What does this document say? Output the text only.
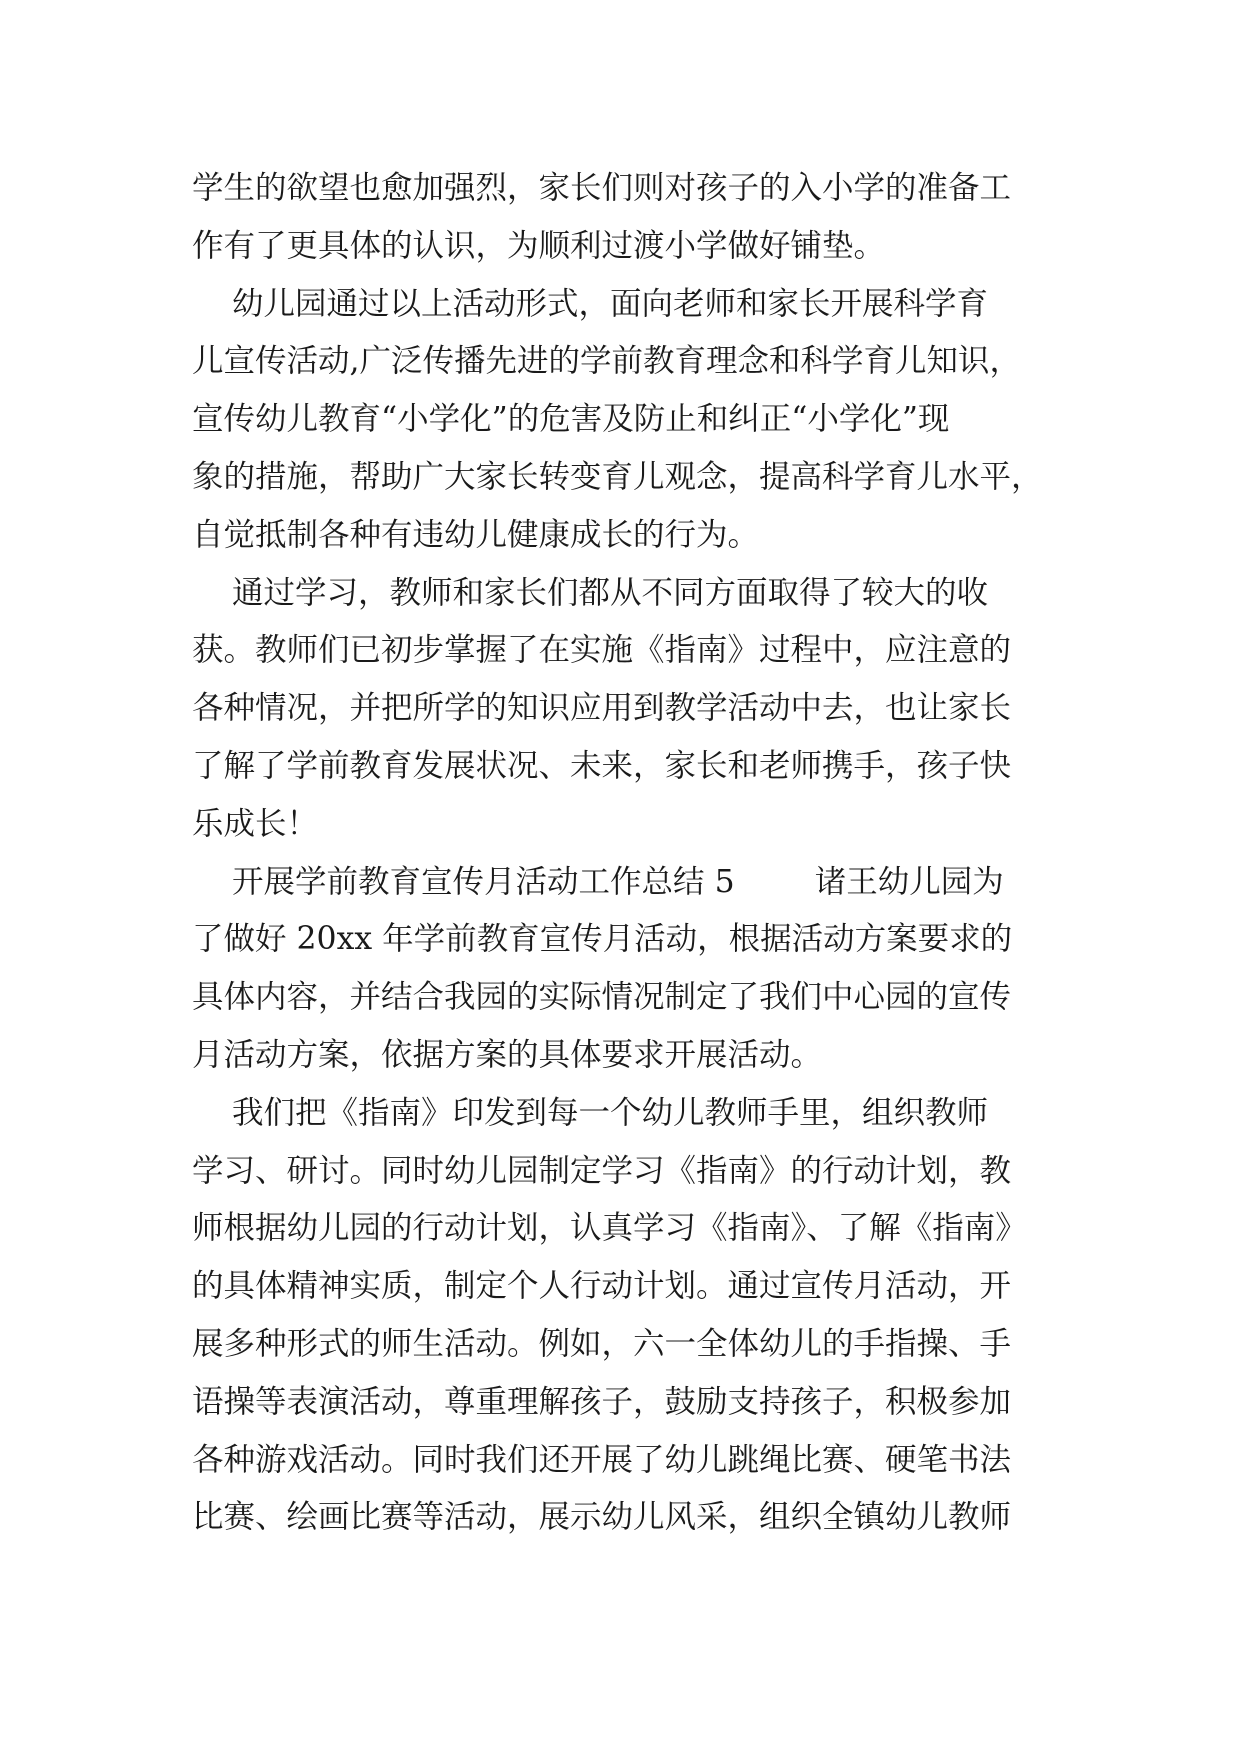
学生的欲望也愈加强烈，家长们则对孩子的入小学的准备工
作有了更具体的认识，为顺利过渡小学做好铺垫。
幼儿园通过以上活动形式，面向老师和家长开展科学育
儿宣传活动,广泛传播先进的学前教育理念和科学育儿知识，
宣传幼儿教育“小学化”的危害及防止和纠正“小学化”现
象的措施，帮助广大家长转变育儿观念，提高科学育儿水平，
自觉抵制各种有违幼儿健康成长的行为。
通过学习，教师和家长们都从不同方面取得了较大的收
获。教师们已初步掌握了在实施《指南》过程中，应注意的
各种情况，并把所学的知识应用到教学活动中去，也让家长
了解了学前教育发展状况、未来，家长和老师携手，孩子快
乐成长！
开展学前教育宣传月活动工作总结 5        诸王幼儿园为
了做好 20xx 年学前教育宣传月活动，根据活动方案要求的
具体内容，并结合我园的实际情况制定了我们中心园的宣传
月活动方案，依据方案的具体要求开展活动。
我们把《指南》印发到每一个幼儿教师手里，组织教师
学习、研讨。同时幼儿园制定学习《指南》的行动计划，教
师根据幼儿园的行动计划，认真学习《指南》、了解《指南》
的具体精神实质，制定个人行动计划。通过宣传月活动，开
展多种形式的师生活动。例如，六一全体幼儿的手指操、手
语操等表演活动，尊重理解孩子，鼓励支持孩子，积极参加
各种游戏活动。同时我们还开展了幼儿跳绳比赛、硬笔书法
比赛、绘画比赛等活动，展示幼儿风采，组织全镇幼儿教师
